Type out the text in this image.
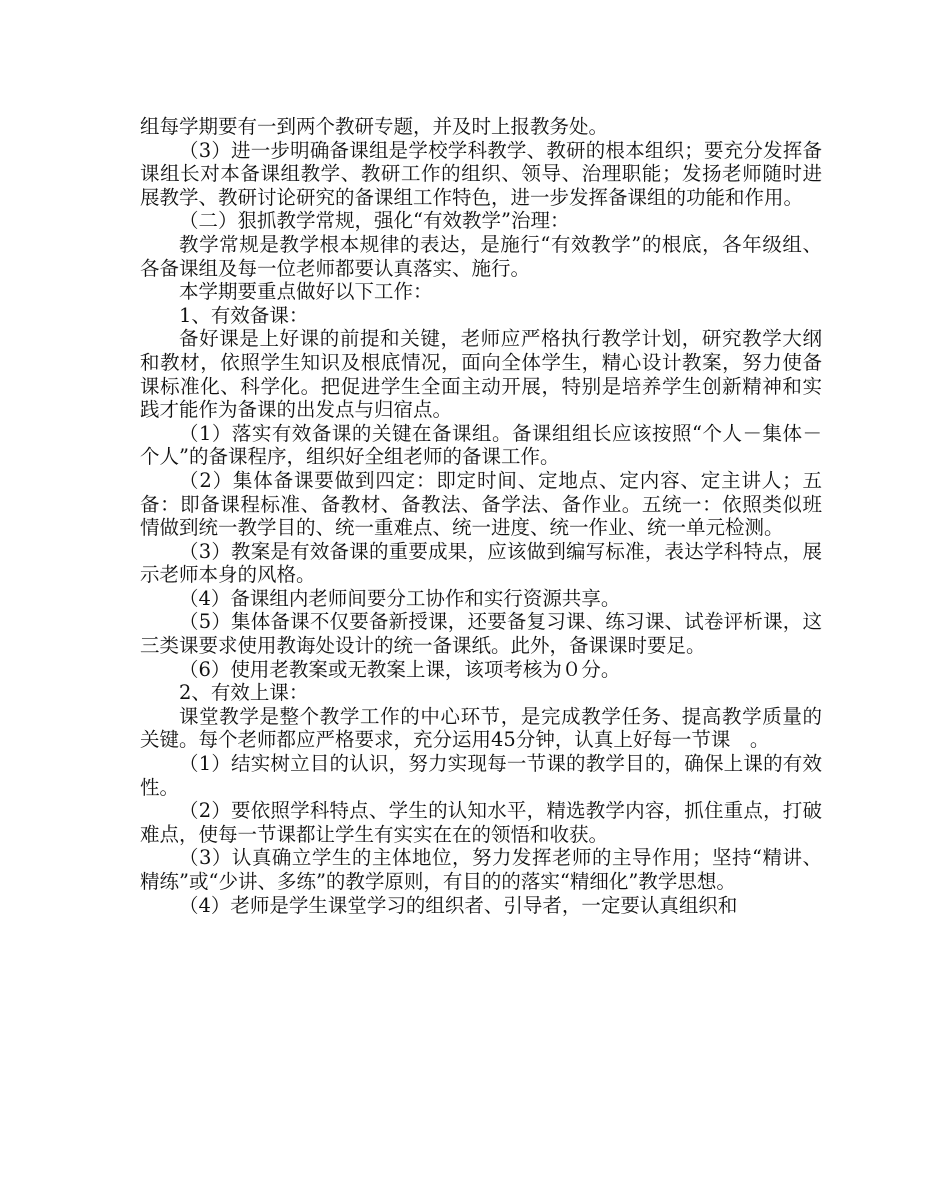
组每学期要有一到两个教研专题，并及时上报教务处。

（3）进一步明确备课组是学校学科教学、教研的根本组织；要充分发挥备课组长对本备课组教学、教研工作的组织、领导、治理职能；发扬老师随时进展教学、教研讨论研究的备课组工作特色，进一步发挥备课组的功能和作用。

（二）狠抓教学常规，强化“有效教学”治理：

教学常规是教学根本规律的表达，是施行“有效教学”的根底，各年级组、各备课组及每一位老师都要认真落实、施行。

本学期要重点做好以下工作：

1、有效备课：

备好课是上好课的前提和关键，老师应严格执行教学计划，研究教学大纲和教材，依照学生知识及根底情况，面向全体学生，精心设计教案，努力使备课标准化、科学化。把促进学生全面主动开展，特别是培养学生创新精神和实践才能作为备课的出发点与归宿点。

（1）落实有效备课的关键在备课组。备课组组长应该按照“个人－集体－个人”的备课程序，组织好全组老师的备课工作。

（2）集体备课要做到四定：即定时间、定地点、定内容、定主讲人；五备：即备课程标准、备教材、备教法、备学法、备作业。五统一：依照类似班情做到统一教学目的、统一重难点、统一进度、统一作业、统一单元检测。

（3）教案是有效备课的重要成果，应该做到编写标准，表达学科特点，展示老师本身的风格。

（4）备课组内老师间要分工协作和实行资源共享。

（5）集体备课不仅要备新授课，还要备复习课、练习课、试卷评析课，这三类课要求使用教诲处设计的统一备课纸。此外，备课课时要足。

（6）使用老教案或无教案上课，该项考核为０分。

2、有效上课：

课堂教学是整个教学工作的中心环节，是完成教学任务、提高教学质量的关键。每个老师都应严格要求，充分运用45分钟，认真上好每一节课　。

（1）结实树立目的认识，努力实现每一节课的教学目的，确保上课的有效性。

（2）要依照学科特点、学生的认知水平，精选教学内容，抓住重点，打破难点，使每一节课都让学生有实实在在的领悟和收获。

（3）认真确立学生的主体地位，努力发挥老师的主导作用；坚持“精讲、精练”或“少讲、多练”的教学原则，有目的的落实“精细化”教学思想。

（4）老师是学生课堂学习的组织者、引导者，一定要认真组织和
